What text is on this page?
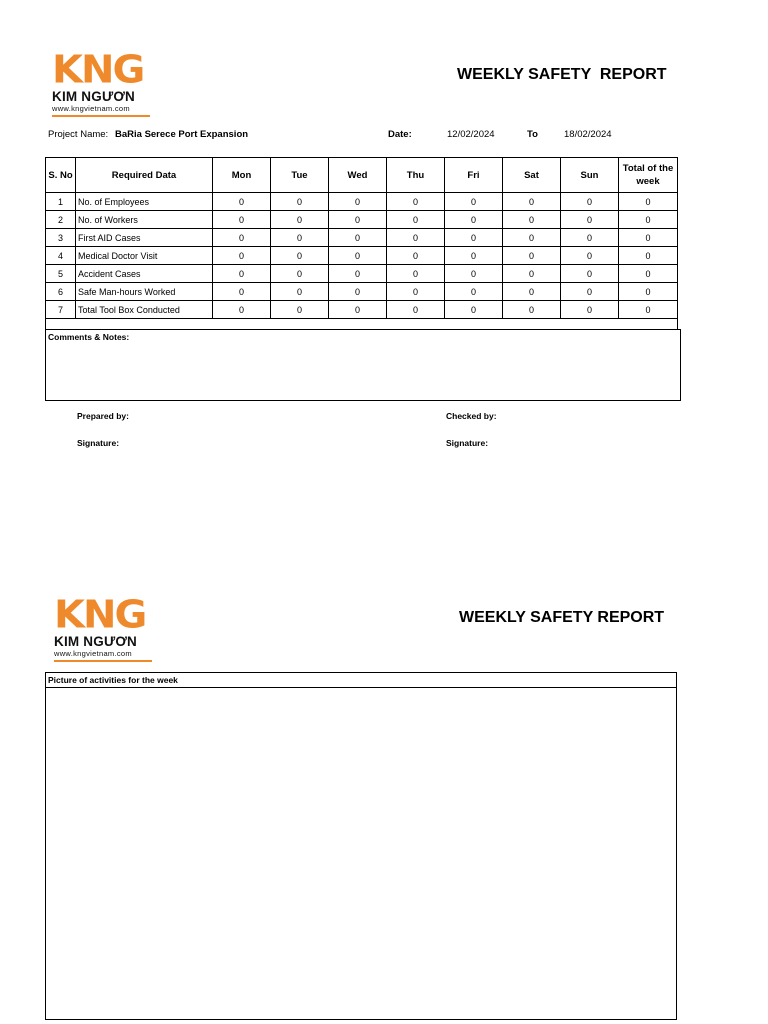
KNG
KIM NGƯƠN
www.kngvietnam.com
WEEKLY SAFETY  REPORT
Project Name: BaRia Serece Port Expansion	Date:	12/02/2024	To	18/02/2024
S. No	Required Data	Mon	Tue	Wed	Thu	Fri	Sat	Sun	Total of the week
1	No. of Employees	0	0	0	0	0	0	0	0
2	No. of Workers	0	0	0	0	0	0	0	0
3	First AID Cases	0	0	0	0	0	0	0	0
4	Medical Doctor Visit	0	0	0	0	0	0	0	0
5	Accident Cases	0	0	0	0	0	0	0	0
6	Safe Man-hours Worked	0	0	0	0	0	0	0	0
7	Total Tool Box Conducted	0	0	0	0	0	0	0	0

Comments & Notes:
Prepared by:	Checked by:
Signature:	Signature:
KNG
KIM NGƯƠN
www.kngvietnam.com
WEEKLY SAFETY REPORT
Picture of activities for the week
